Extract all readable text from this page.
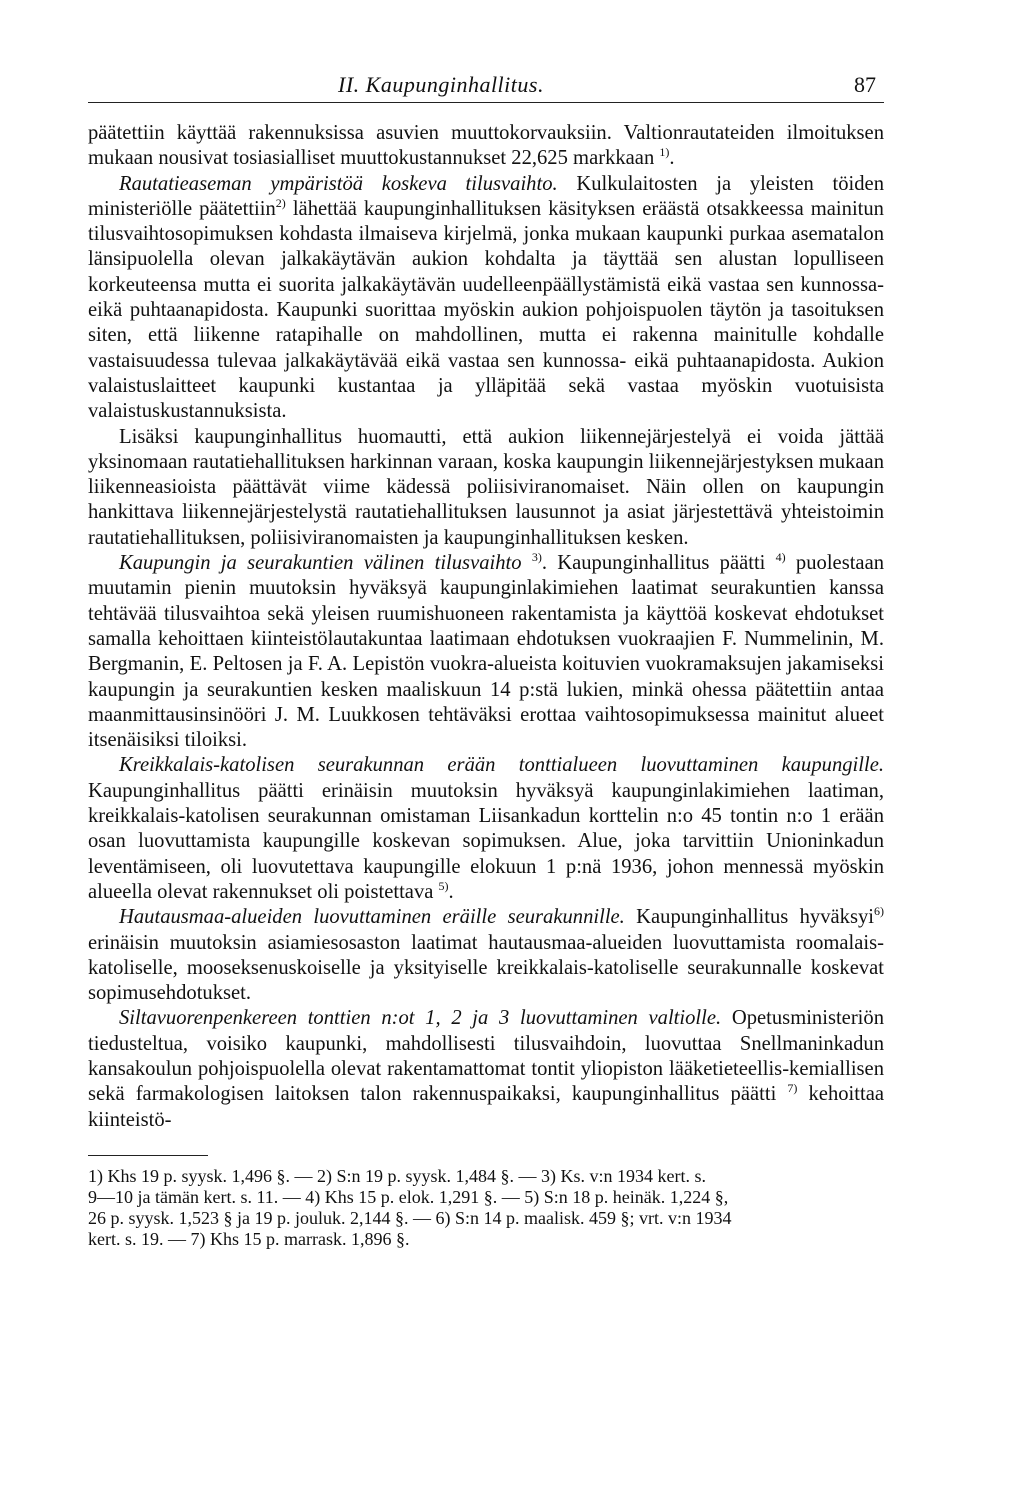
II. Kaupunginhallitus.	87

päätettiin käyttää rakennuksissa asuvien muuttokorvauksiin. Valtionrautateiden ilmoituksen mukaan nousivat tosiasialliset muuttokustannukset 22,625 markkaan $^{1)}$.

Rautatieaseman ympäristöä koskeva tilusvaihto. Kulkulaitosten ja yleisten töiden ministeriölle päätettiin$^{2)}$ lähettää kaupunginhallituksen käsityksen eräästä otsakkeessa mainitun tilusvaihtosopimuksen kohdasta ilmaiseva kirjelmä, jonka mukaan kaupunki purkaa asematalon länsipuolella olevan jalkakäytävän aukion kohdalta ja täyttää sen alustan lopulliseen korkeuteensa mutta ei suorita jalkakäytävän uudelleenpäällystämistä eikä vastaa sen kunnossa- eikä puhtaanapidosta. Kaupunki suorittaa myöskin aukion pohjoispuolen täytön ja tasoituksen siten, että liikenne ratapihalle on mahdollinen, mutta ei rakenna mainitulle kohdalle vastaisuudessa tulevaa jalkakäytävää eikä vastaa sen kunnossa- eikä puhtaanapidosta. Aukion valaistuslaitteet kaupunki kustantaa ja ylläpitää sekä vastaa myöskin vuotuisista valaistuskustannuksista.

Lisäksi kaupunginhallitus huomautti, että aukion liikennejärjestelyä ei voida jättää yksinomaan rautatiehallituksen harkinnan varaan, koska kaupungin liikennejärjestyksen mukaan liikenneasioista päättävät viime kädessä poliisiviranomaiset. Näin ollen on kaupungin hankittava liikennejärjestelystä rautatiehallituksen lausunnot ja asiat järjestettävä yhteistoimin rautatiehallituksen, poliisiviranomaisten ja kaupunginhallituksen kesken.

Kaupungin ja seurakuntien välinen tilusvaihto $^{3)}$. Kaupunginhallitus päätti $^{4)}$ puolestaan muutamin pienin muutoksin hyväksyä kaupunginlakimiehen laatimat seurakuntien kanssa tehtävää tilusvaihtoa sekä yleisen ruumishuoneen rakentamista ja käyttöä koskevat ehdotukset samalla kehoittaen kiinteistölautakuntaa laatimaan ehdotuksen vuokraajien F. Nummelinin, M. Bergmanin, E. Peltosen ja F. A. Lepistön vuokra-alueista koituvien vuokramaksujen jakamiseksi kaupungin ja seurakuntien kesken maaliskuun 14 p:stä lukien, minkä ohessa päätettiin antaa maanmittausinsinööri J. M. Luukkosen tehtäväksi erottaa vaihtosopimuksessa mainitut alueet itsenäisiksi tiloiksi.

Kreikkalais-katolisen seurakunnan erään tonttialueen luovuttaminen kaupungille. Kaupunginhallitus päätti erinäisin muutoksin hyväksyä kaupunginlakimiehen laatiman, kreikkalais-katolisen seurakunnan omistaman Liisankadun korttelin n:o 45 tontin n:o 1 erään osan luovuttamista kaupungille koskevan sopimuksen. Alue, joka tarvittiin Unioninkadun leventämiseen, oli luovutettava kaupungille elokuun 1 p:nä 1936, johon mennessä myöskin alueella olevat rakennukset oli poistettava $^{5)}$.

Hautausmaa-alueiden luovuttaminen eräille seurakunnille. Kaupunginhallitus hyväksyi$^{6)}$ erinäisin muutoksin asiamiesosaston laatimat hautausmaa-alueiden luovuttamista roomalais-katoliselle, mooseksenuskoiselle ja yksityiselle kreikkalais-katoliselle seurakunnalle koskevat sopimusehdotukset.

Siltavuorenpenkereen tonttien n:ot 1, 2 ja 3 luovuttaminen valtiolle. Opetusministeriön tiedusteltua, voisiko kaupunki, mahdollisesti tilusvaihdoin, luovuttaa Snellmaninkadun kansakoulun pohjoispuolella olevat rakentamattomat tontit yliopiston lääketieteellis-kemiallisen sekä farmakologisen laitoksen talon rakennuspaikaksi, kaupunginhallitus päätti $^{7)}$ kehoittaa kiinteistö-

1) Khs 19 p. syysk. 1,496 §. — 2) S:n 19 p. syysk. 1,484 §. — 3) Ks. v:n 1934 kert. s.

9—10 ja tämän kert. s. 11. — 4) Khs 15 p. elok. 1,291 §. — 5) S:n 18 p. heinäk. 1,224 §,

26 p. syysk. 1,523 § ja 19 p. jouluk. 2,144 §. — 6) S:n 14 p. maalisk. 459 §; vrt. v:n 1934

kert. s. 19. — 7) Khs 15 p. marrask. 1,896 §.
